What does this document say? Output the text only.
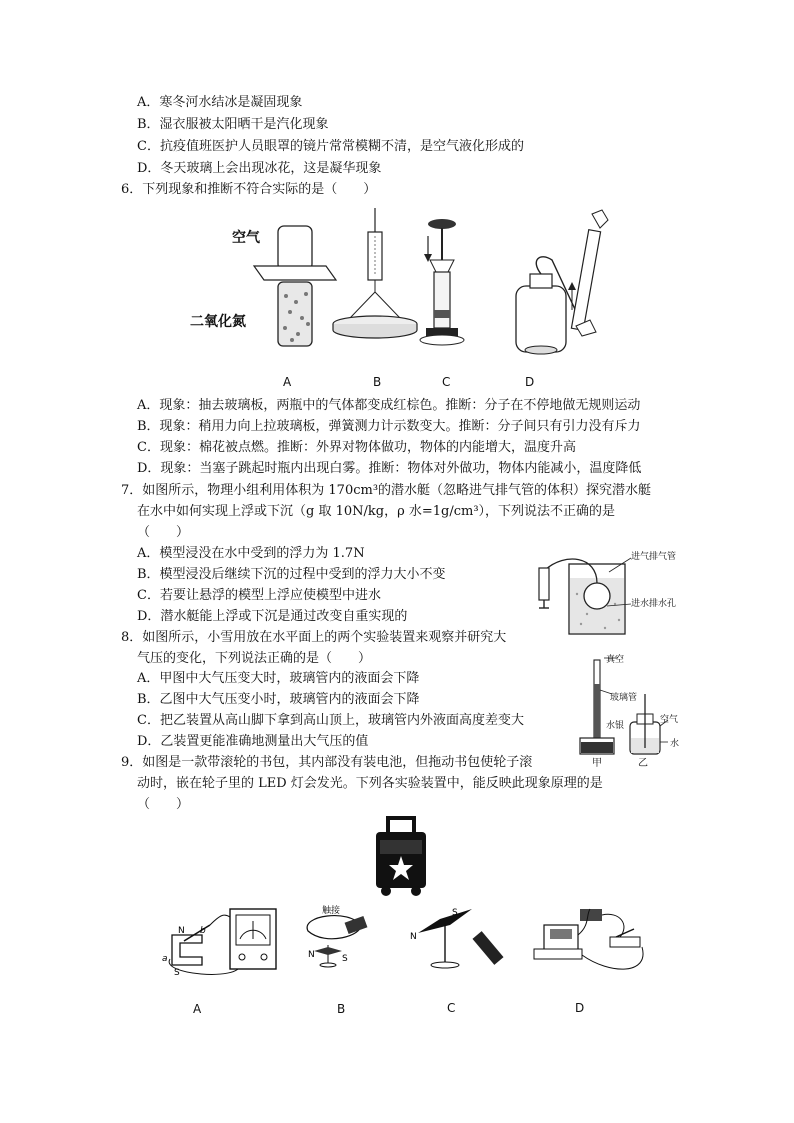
A．寒冬河水结冰是凝固现象
B．湿衣服被太阳晒干是汽化现象
C．抗疫值班医护人员眼罩的镜片常常模糊不清，是空气液化形成的
D．冬天玻璃上会出现冰花，这是凝华现象
6．下列现象和推断不符合实际的是（　　）
空气
二氧化氮
A	B	C	D
A．现象：抽去玻璃板，两瓶中的气体都变成红棕色。推断：分子在不停地做无规则运动
B．现象：稍用力向上拉玻璃板，弹簧测力计示数变大。推断：分子间只有引力没有斥力
C．现象：棉花被点燃。推断：外界对物体做功，物体的内能增大，温度升高
D．现象：当塞子跳起时瓶内出现白雾。推断：物体对外做功，物体内能减小，温度降低
7．如图所示，物理小组利用体积为 170cm³的潜水艇（忽略进气排气管的体积）探究潜水艇
在水中如何实现上浮或下沉（g 取 10N/kg，ρ 水=1g/cm³），下列说法不正确的是
（　　）
进气排气管
进水排水孔
A．模型浸没在水中受到的浮力为 1.7N
B．模型浸没后继续下沉的过程中受到的浮力大小不变
C．若要让悬浮的模型上浮应使模型中进水
D．潜水艇能上浮或下沉是通过改变自重实现的
8．如图所示，小雪用放在水平面上的两个实验装置来观察并研究大
气压的变化，下列说法正确的是（　　）	真空
玻璃管
水银
空气
水
甲	乙
A．甲图中大气压变大时，玻璃管内的液面会下降
B．乙图中大气压变小时，玻璃管内的液面会下降
C．把乙装置从高山脚下拿到高山顶上，玻璃管内外液面高度差变大
D．乙装置更能准确地测量出大气压的值
9．如图是一款带滚轮的书包，其内部没有装电池，但拖动书包使轮子滚
动时，嵌在轮子里的 LED 灯会发光。下列各实验装置中，能反映此现象原理的是
（　　）
N b
S
a
触接
N	S
N
S
A	B	C	D
